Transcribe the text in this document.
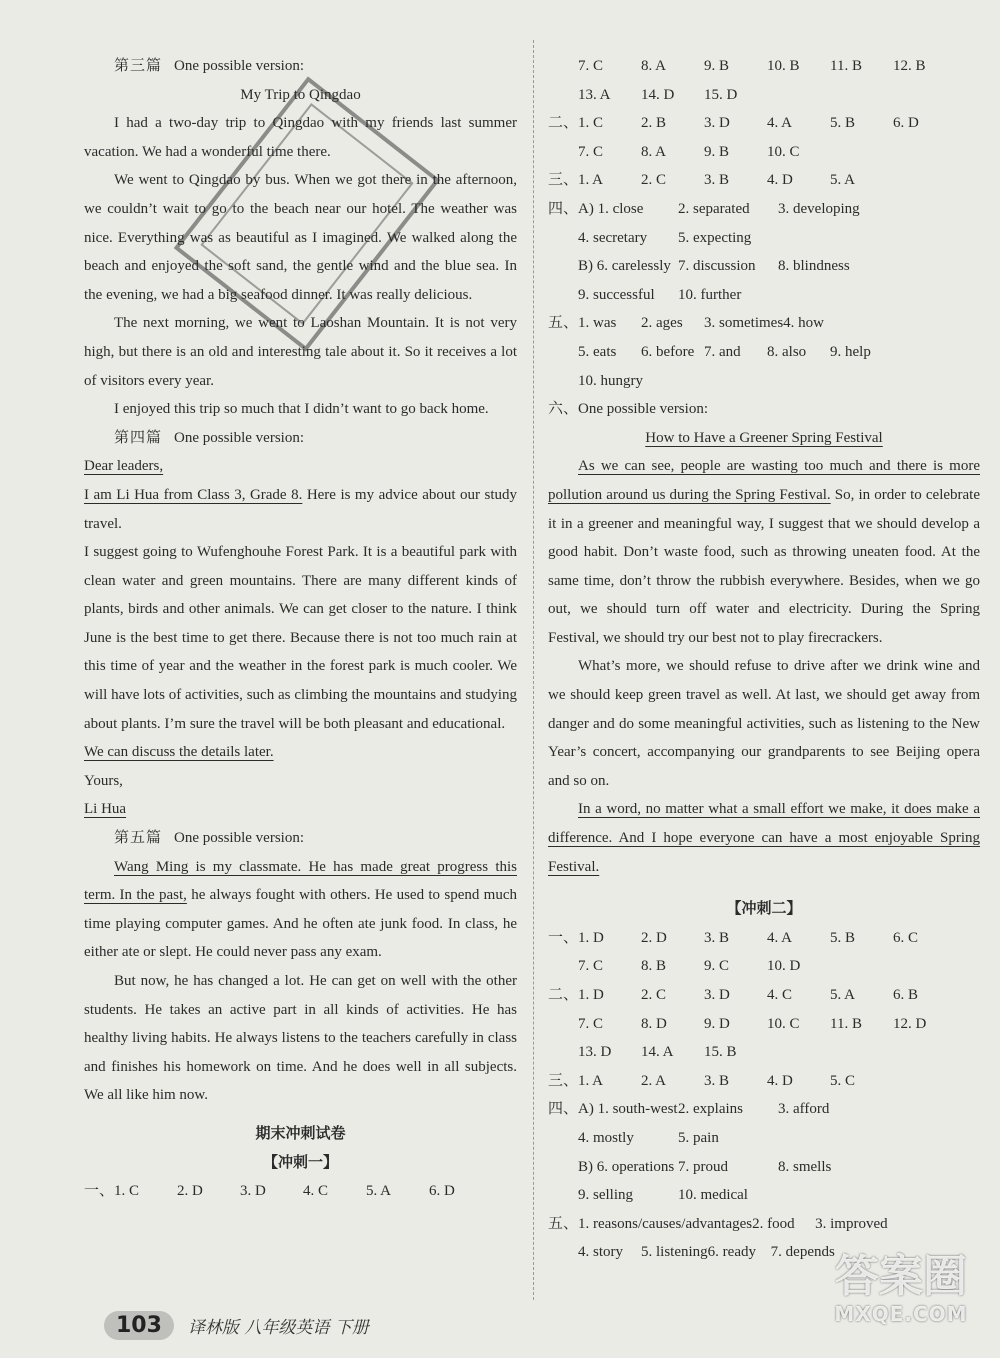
第三篇 One possible version:

My Trip to Qingdao

I had a two-day trip to Qingdao with my friends last summer vacation. We had a wonderful time there.

We went to Qingdao by bus. When we got there in the afternoon, we couldn’t wait to go to the beach near our hotel. The weather was nice. Everything was as beautiful as I imagined. We walked along the beach and enjoyed the soft sand, the gentle wind and the blue sea. In the evening, we had a big seafood dinner. It was really delicious.

The next morning, we went to Laoshan Mountain. It is not very high, but there is an old and interesting tale about it. So it receives a lot of visitors every year.

I enjoyed this trip so much that I didn’t want to go back home.

第四篇 One possible version:

Dear leaders,

I am Li Hua from Class 3, Grade 8. Here is my advice about our study travel.

I suggest going to Wufenghouhe Forest Park. It is a beautiful park with clean water and green mountains. There are many different kinds of plants, birds and other animals. We can get closer to the nature. I think June is the best time to get there. Because there is not too much rain at this time of year and the weather in the forest park is much cooler. We will have lots of activities, such as climbing the mountains and studying about plants. I’m sure the travel will be both pleasant and educational.

We can discuss the details later.

Yours,

Li Hua

第五篇 One possible version:

Wang Ming is my classmate. He has made great progress this term. In the past, he always fought with others. He used to spend much time playing computer games. And he often ate junk food. In class, he either ate or slept. He could never pass any exam.

But now, he has changed a lot. He can get on well with the other students. He takes an active part in all kinds of activities. He has healthy living habits. He always listens to the teachers carefully in class and finishes his homework on time. And he does well in all subjects. We all like him now.

期末冲刺试卷

【冲刺一】

一、1. C	2. D 3. D 4. C	5. A	6. D

7. C	8. A	9. B	10. B 11. B 12. B

13. A 14. D 15. D

二、1. C	2. B	3. D 4. A	5. B	6. D

7. C	8. A	9. B	10. C

三、1. A	2. C	3. B	4. D 5. A

四、A) 1. close 2. separated 3. developing

4. secretary 5. expecting

B) 6. carelessly 7. discussion 8. blindness

9. successful 10. further

五、1. was 2. ages 3. sometimes4. how

5. eats 6. before 7. and 8. also 9. help

10. hungry

六、One possible version:

How to Have a Greener Spring Festival

As we can see, people are wasting too much and there is more pollution around us during the Spring Festival. So, in order to celebrate it in a greener and meaningful way, I suggest that we should develop a good habit. Don’t waste food, such as throwing uneaten food. At the same time, don’t throw the rubbish everywhere. Besides, when we go out, we should turn off water and electricity. During the Spring Festival, we should try our best not to play firecrackers.

What’s more, we should refuse to drive after we drink wine and we should keep green travel as well. At last, we should get away from danger and do some meaningful activities, such as listening to the New Year’s concert, accompanying our grandparents to see Beijing opera and so on.

In a word, no matter what a small effort we make, it does make a difference. And I hope everyone can have a most enjoyable Spring Festival.

【冲刺二】

一、1. D 2. D 3. B	4. A	5. B	6. C

7. C	8. B	9. C	10. D

二、1. D 2. C	3. D 4. C	5. A	6. B

7. C	8. D 9. D 10. C 11. B 12. D

13. D 14. A 15. B

三、1. A	2. A	3. B	4. D 5. C

四、A) 1. south-west2. explains 3. afford

4. mostly	5. pain

B) 6. operations 7. proud	8. smells

9. selling	10. medical

五、1. reasons/causes/advantages2. food 3. improved

4. story 5. listening6. ready 7. depends

103	译林版 八年级英语 下册
答案圈
MXQE.COM
